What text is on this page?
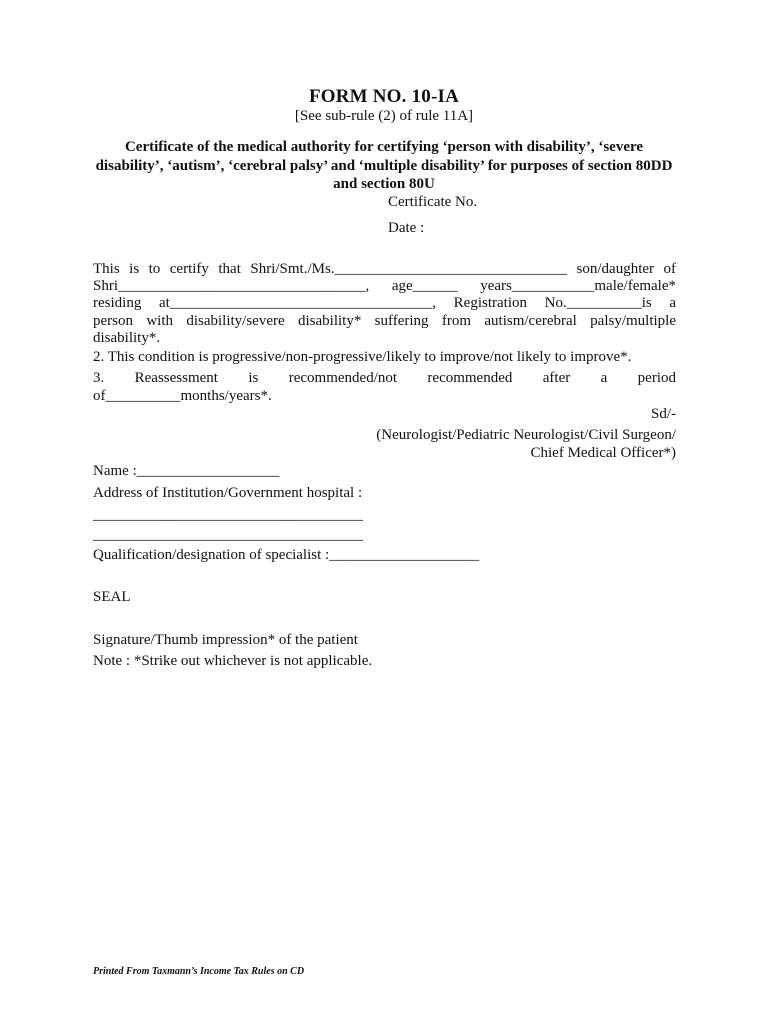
FORM NO. 10-IA
[See sub-rule (2) of rule 11A]
Certificate of the medical authority for certifying ‘person with disability’, ‘severe disability’, ‘autism’, ‘cerebral palsy’ and ‘multiple disability’ for purposes of section 80DD and section 80U
Certificate No.
Date :
This is to certify that Shri/Smt./Ms._______________________________ son/daughter of
Shri_________________________________, age______ years___________male/female*
residing at___________________________________, Registration No.__________is a
person with disability/severe disability* suffering from autism/cerebral palsy/multiple
disability*.
2. This condition is progressive/non-progressive/likely to improve/not likely to improve*.
3. Reassessment is recommended/not recommended after a period
of__________months/years*.
Sd/-
(Neurologist/Pediatric Neurologist/Civil Surgeon/
Chief Medical Officer*)
Name :___________________
Address of Institution/Government hospital :
____________________________________
____________________________________
Qualification/designation of specialist :____________________
SEAL
Signature/Thumb impression* of the patient
Note : *Strike out whichever is not applicable.
Printed From Taxmann’s Income Tax Rules on CD
